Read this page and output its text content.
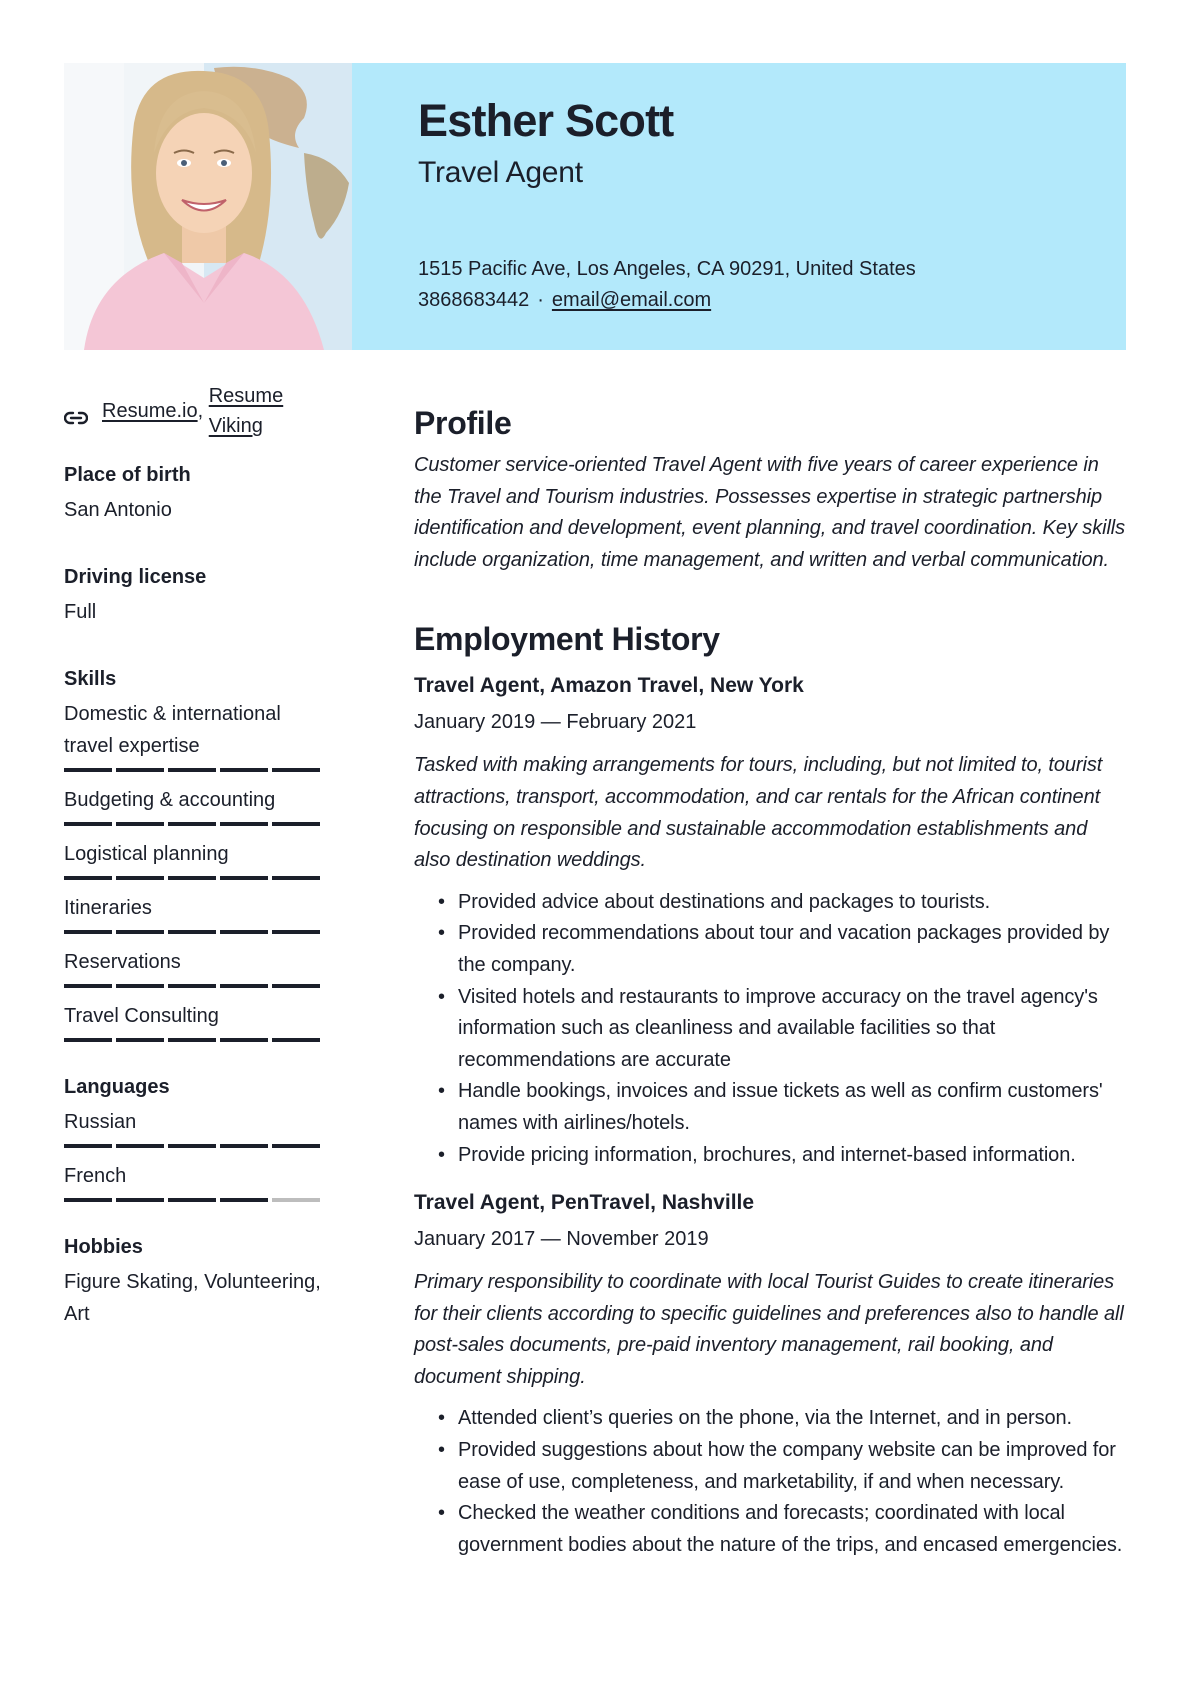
Esther Scott
Travel Agent
1515 Pacific Ave, Los Angeles, CA 90291, United States
3868683442 · email@email.com
Resume.io ,

Resume Viking
Place of birth
San Antonio
Driving license
Full
Skills
Domestic & international travel expertise
Budgeting & accounting
Logistical planning
Itineraries
Reservations
Travel Consulting
Languages
Russian
French
Hobbies
Figure Skating, Volunteering, Art
Profile

Customer service-oriented Travel Agent with five years of career experience in the Travel and Tourism industries. Possesses expertise in strategic partnership identification and development, event planning, and travel coordination. Key skills include organization, time management, and written and verbal communication.

Employment History
Travel Agent, Amazon Travel, New York
January 2019 — February 2021

Tasked with making arrangements for tours, including, but not limited to, tourist attractions, transport, accommodation, and car rentals for the African continent focusing on responsible and sustainable accommodation establishments and also destination weddings.

• Provided advice about destinations and packages to tourists.
• Provided recommendations about tour and vacation packages provided by the company.
• Visited hotels and restaurants to improve accuracy on the travel agency's information such as cleanliness and available facilities so that recommendations are accurate
• Handle bookings, invoices and issue tickets as well as confirm customers' names with airlines/hotels.
• Provide pricing information, brochures, and internet-based information.
Travel Agent, PenTravel, Nashville
January 2017 — November 2019

Primary responsibility to coordinate with local Tourist Guides to create itineraries for their clients according to specific guidelines and preferences also to handle all post-sales documents, pre-paid inventory management, rail booking, and document shipping.

• Attended client’s queries on the phone, via the Internet, and in person.
• Provided suggestions about how the company website can be improved for ease of use, completeness, and marketability, if and when necessary.
• Checked the weather conditions and forecasts; coordinated with local government bodies about the nature of the trips, and encased emergencies.
